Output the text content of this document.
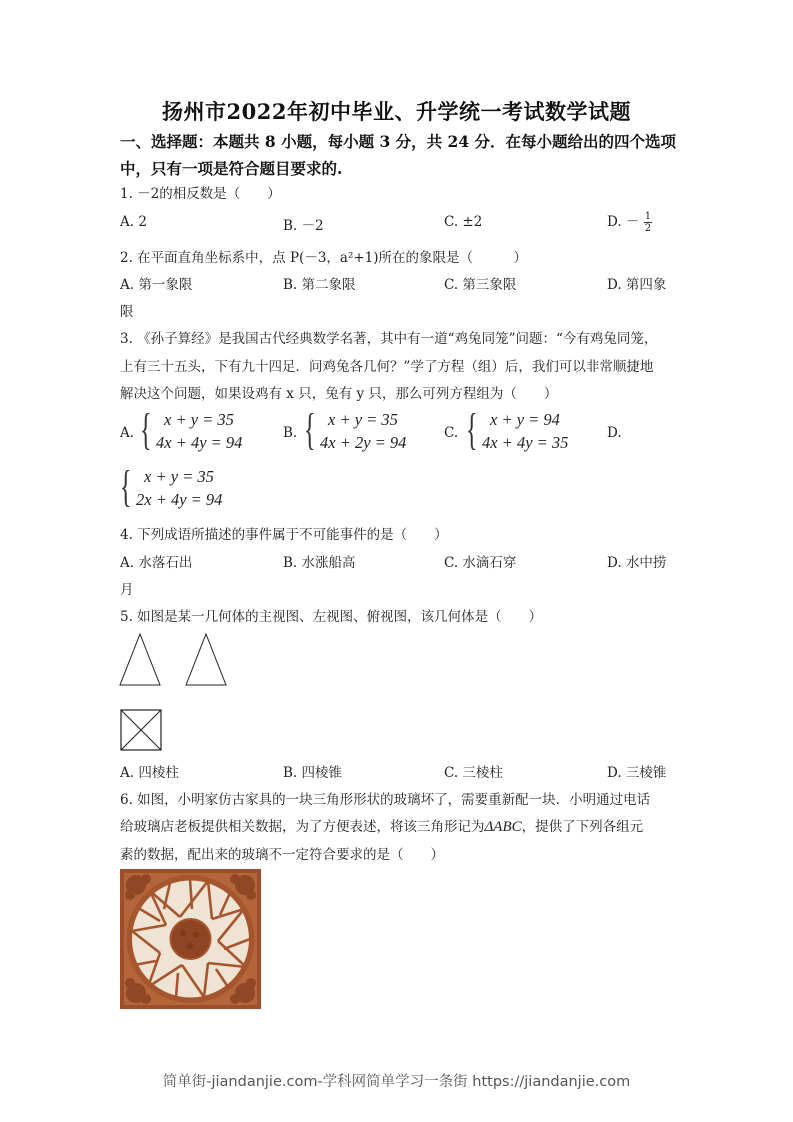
扬州市2022年初中毕业、升学统一考试数学试题
一、选择题：本题共 8 小题，每小题 3 分，共 24 分．在每小题给出的四个选项
中，只有一项是符合题目要求的.
1. －2的相反数是（　　）
A. 2	B. －2	C. ±2	D. － $\frac{1}{2}$
2. 在平面直角坐标系中，点 P(－3，a²+1)所在的象限是（　　　）
A. 第一象限	B. 第二象限	C. 第三象限	D. 第四象
限
3. 《孙子算经》是我国古代经典数学名著，其中有一道“鸡兔同笼”问题：“今有鸡兔同笼，
上有三十五头，下有九十四足．问鸡兔各几何？”学了方程（组）后，我们可以非常顺捷地
解决这个问题，如果设鸡有 x 只，兔有 y 只，那么可列方程组为（　　）
A. { x + y = 35
4x + 4y = 94	B. { x + y = 35
4x + 2y = 94	C. { x + y = 94
4x + 4y = 35	D.
{ x + y = 35
2x + 4y = 94
4. 下列成语所描述的事件属于不可能事件的是（　　）
A. 水落石出	B. 水涨船高	C. 水滴石穿	D. 水中捞
月
5. 如图是某一几何体的主视图、左视图、俯视图，该几何体是（　　）
A. 四棱柱	B. 四棱锥	C. 三棱柱	D. 三棱锥
6. 如图，小明家仿古家具的一块三角形形状的玻璃坏了，需要重新配一块．小明通过电话
给玻璃店老板提供相关数据，为了方便表述，将该三角形记为ΔABC，提供了下列各组元
素的数据，配出来的玻璃不一定符合要求的是（　　）
简单街-jiandanjie.com-学科网简单学习一条街 https://jiandanjie.com
